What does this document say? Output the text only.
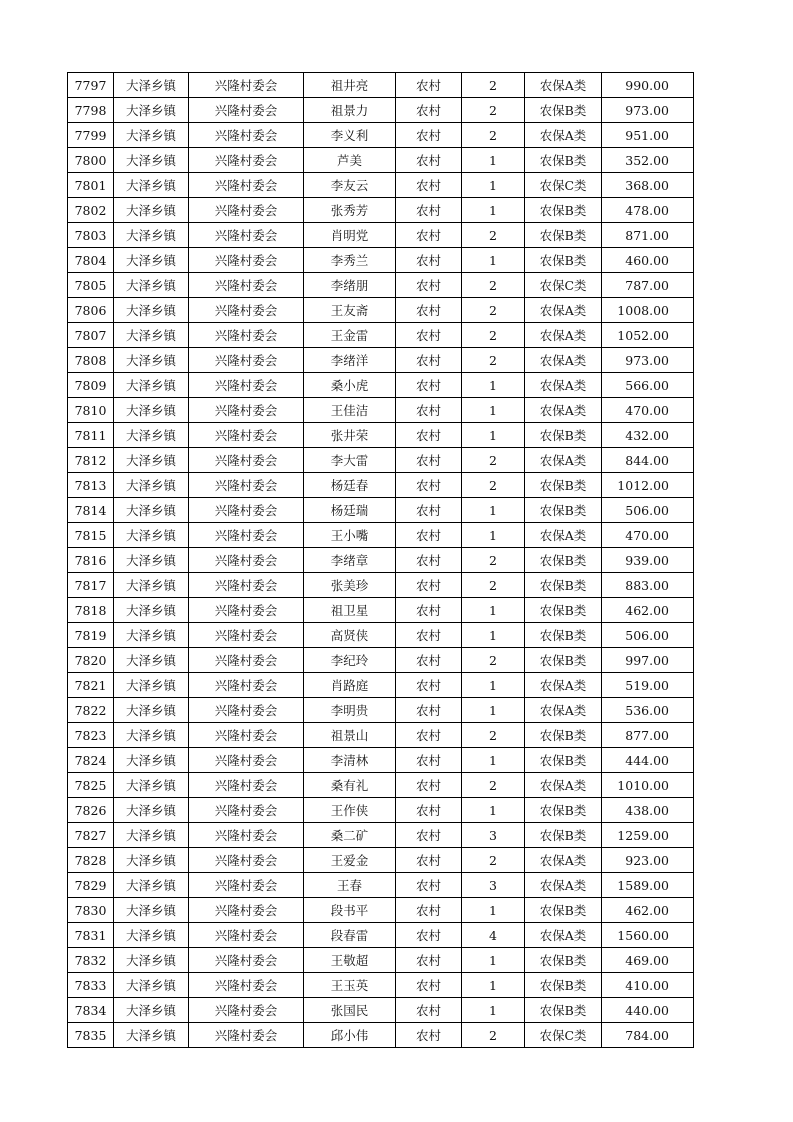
7797	大泽乡镇	兴隆村委会	祖井亮	农村	2	农保A类	990.00
7798	大泽乡镇	兴隆村委会	祖景力	农村	2	农保B类	973.00
7799	大泽乡镇	兴隆村委会	李义利	农村	2	农保A类	951.00
7800	大泽乡镇	兴隆村委会	芦美	农村	1	农保B类	352.00
7801	大泽乡镇	兴隆村委会	李友云	农村	1	农保C类	368.00
7802	大泽乡镇	兴隆村委会	张秀芳	农村	1	农保B类	478.00
7803	大泽乡镇	兴隆村委会	肖明党	农村	2	农保B类	871.00
7804	大泽乡镇	兴隆村委会	李秀兰	农村	1	农保B类	460.00
7805	大泽乡镇	兴隆村委会	李绪朋	农村	2	农保C类	787.00
7806	大泽乡镇	兴隆村委会	王友斋	农村	2	农保A类	1008.00
7807	大泽乡镇	兴隆村委会	王金雷	农村	2	农保A类	1052.00
7808	大泽乡镇	兴隆村委会	李绪洋	农村	2	农保A类	973.00
7809	大泽乡镇	兴隆村委会	桑小虎	农村	1	农保A类	566.00
7810	大泽乡镇	兴隆村委会	王佳洁	农村	1	农保A类	470.00
7811	大泽乡镇	兴隆村委会	张井荣	农村	1	农保B类	432.00
7812	大泽乡镇	兴隆村委会	李大雷	农村	2	农保A类	844.00
7813	大泽乡镇	兴隆村委会	杨廷春	农村	2	农保B类	1012.00
7814	大泽乡镇	兴隆村委会	杨廷瑞	农村	1	农保B类	506.00
7815	大泽乡镇	兴隆村委会	王小嘴	农村	1	农保A类	470.00
7816	大泽乡镇	兴隆村委会	李绪章	农村	2	农保B类	939.00
7817	大泽乡镇	兴隆村委会	张美珍	农村	2	农保B类	883.00
7818	大泽乡镇	兴隆村委会	祖卫星	农村	1	农保B类	462.00
7819	大泽乡镇	兴隆村委会	高贤侠	农村	1	农保B类	506.00
7820	大泽乡镇	兴隆村委会	李纪玲	农村	2	农保B类	997.00
7821	大泽乡镇	兴隆村委会	肖路庭	农村	1	农保A类	519.00
7822	大泽乡镇	兴隆村委会	李明贵	农村	1	农保A类	536.00
7823	大泽乡镇	兴隆村委会	祖景山	农村	2	农保B类	877.00
7824	大泽乡镇	兴隆村委会	李清林	农村	1	农保B类	444.00
7825	大泽乡镇	兴隆村委会	桑有礼	农村	2	农保A类	1010.00
7826	大泽乡镇	兴隆村委会	王作侠	农村	1	农保B类	438.00
7827	大泽乡镇	兴隆村委会	桑二矿	农村	3	农保B类	1259.00
7828	大泽乡镇	兴隆村委会	王爱金	农村	2	农保A类	923.00
7829	大泽乡镇	兴隆村委会	王春	农村	3	农保A类	1589.00
7830	大泽乡镇	兴隆村委会	段书平	农村	1	农保B类	462.00
7831	大泽乡镇	兴隆村委会	段春雷	农村	4	农保A类	1560.00
7832	大泽乡镇	兴隆村委会	王敬超	农村	1	农保B类	469.00
7833	大泽乡镇	兴隆村委会	王玉英	农村	1	农保B类	410.00
7834	大泽乡镇	兴隆村委会	张国民	农村	1	农保B类	440.00
7835	大泽乡镇	兴隆村委会	邱小伟	农村	2	农保C类	784.00
